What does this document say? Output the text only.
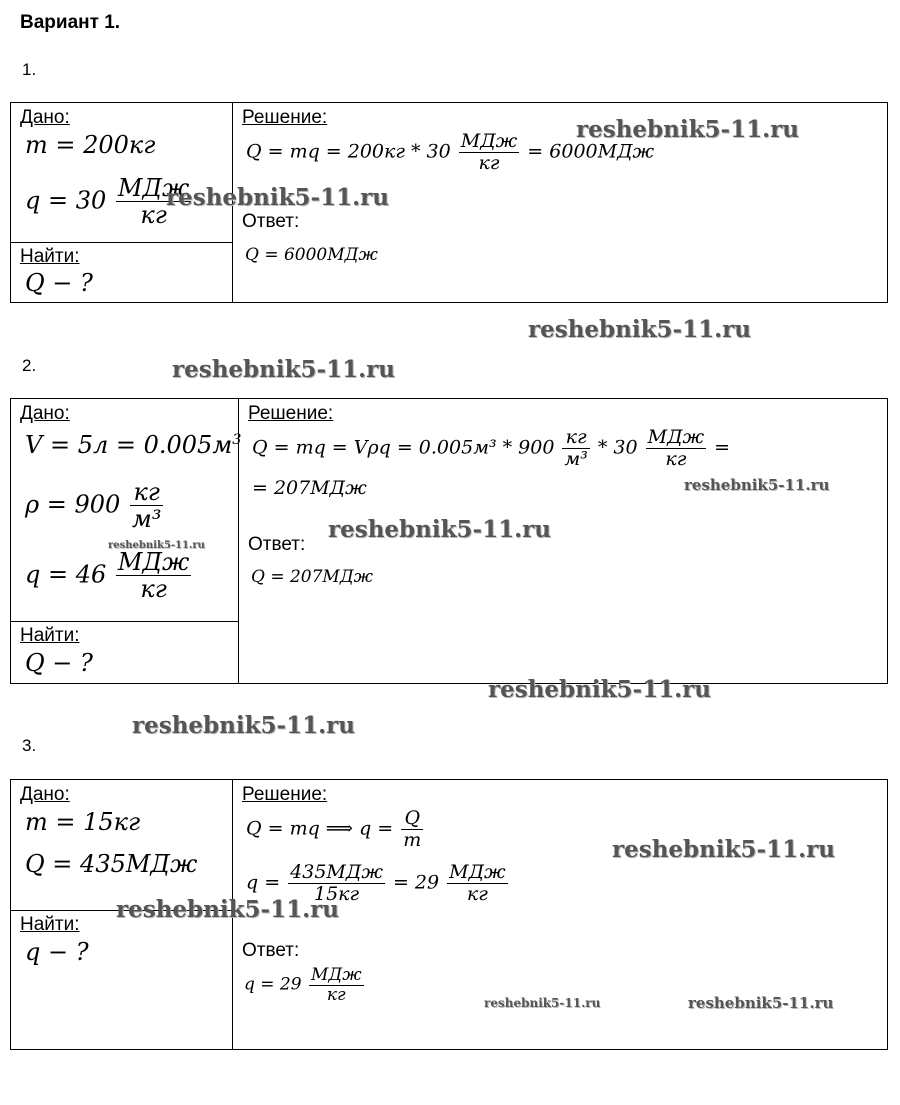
Вариант 1.
1.
Дано:
m = 200кг
$q = 30 \frac{\text{МДж}}{кг}$
Найти:
Q − ?
Решение:
Q = mq = $200кг * 30 \frac{\text{МДж}}{кг} = 6000МДж$
Ответ:
Q = 6000МДж
2.
Дано:
$V = 5л = 0.005м^3$
$\rho = 900 \frac{кг}{\text{м³}}$
$q = 46 \frac{\text{МДж}}{кг}$
Найти:
Q − ?
Решение:
Q = mq = $V\rho q = 0.005м^3 * 900 \frac{кг}{\text{м³}} * 30 \frac{\text{МДж}}{кг}$ =
= 207МДж
Ответ:
Q = 207МДж
3.
Дано:
m = 15кг
Q = 435МДж
Найти:
q − ?
Решение:
Q = mq ⟹ $q = \frac{Q}{m}$
$q = \frac{\text{435МДж}}{15кг} = 29 \frac{\text{МДж}}{кг}$
Ответ:
$q = 29 \frac{\text{МДж}}{кг}$
reshebnik5-11.ru
reshebnik5-11.ru
reshebnik5-11.ru
reshebnik5-11.ru
reshebnik5-11.ru
reshebnik5-11.ru
reshebnik5-11.ru
reshebnik5-11.ru
reshebnik5-11.ru
reshebnik5-11.ru
reshebnik5-11.ru
reshebnik5-11.ru	reshebnik5-11.ru
